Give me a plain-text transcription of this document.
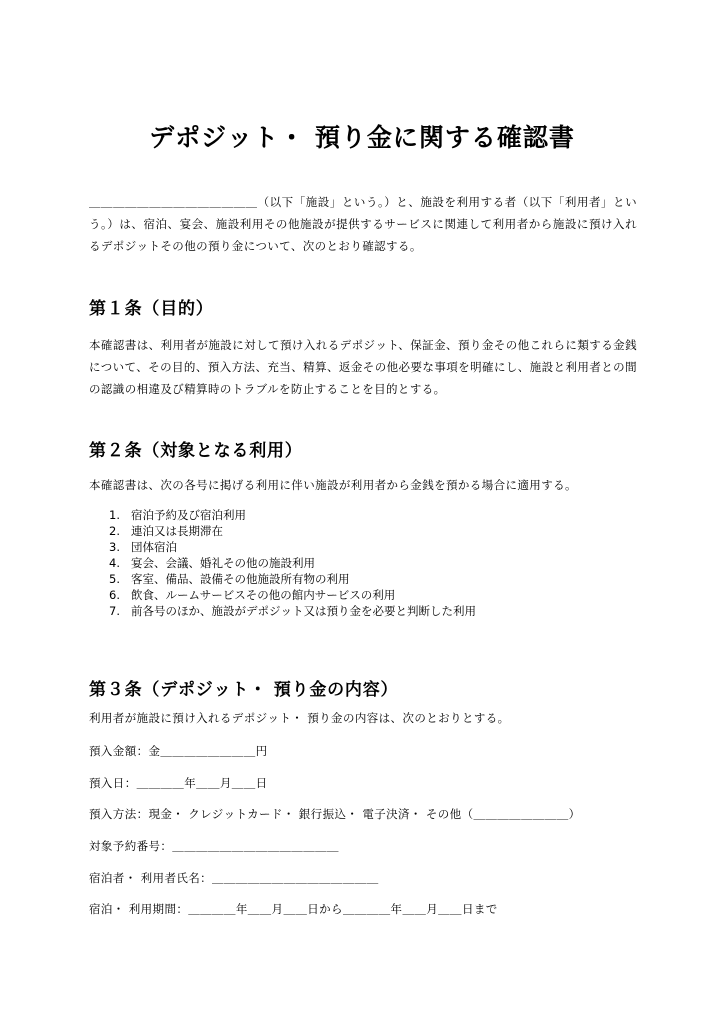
デポジット・ 預り金に関する確認書

＿＿＿＿＿＿＿＿＿＿＿＿＿＿（以下「施設」という。）と、施設を利用する者（以下「利用者」という。）は、宿泊、宴会、施設利用その他施設が提供するサービスに関連して利用者から施設に預け入れるデポジットその他の預り金について、次のとおり確認する。

第１条（目的）

本確認書は、利用者が施設に対して預け入れるデポジット、保証金、預り金その他これらに類する金銭について、その目的、預入方法、充当、精算、返金その他必要な事項を明確にし、施設と利用者との間の認識の相違及び精算時のトラブルを防止することを目的とする。

第２条（対象となる利用）

本確認書は、次の各号に掲げる利用に伴い施設が利用者から金銭を預かる場合に適用する。

1. 宿泊予約及び宿泊利用
2. 連泊又は長期滞在
3. 団体宿泊
4. 宴会、会議、婚礼その他の施設利用
5. 客室、備品、設備その他施設所有物の利用
6. 飲食、ルームサービスその他の館内サービスの利用
7. 前各号のほか、施設がデポジット又は預り金を必要と判断した利用
第３条（デポジット・ 預り金の内容）

利用者が施設に預け入れるデポジット・ 預り金の内容は、次のとおりとする。

預入金額：金＿＿＿＿＿＿＿＿円

預入日：＿＿＿＿年＿＿月＿＿日

預入方法：現金・ クレジットカード・ 銀行振込・ 電子決済・ その他（＿＿＿＿＿＿＿＿）

対象予約番号：＿＿＿＿＿＿＿＿＿＿＿＿＿＿

宿泊者・ 利用者氏名：＿＿＿＿＿＿＿＿＿＿＿＿＿＿

宿泊・ 利用期間：＿＿＿＿年＿＿月＿＿日から＿＿＿＿年＿＿月＿＿日まで
